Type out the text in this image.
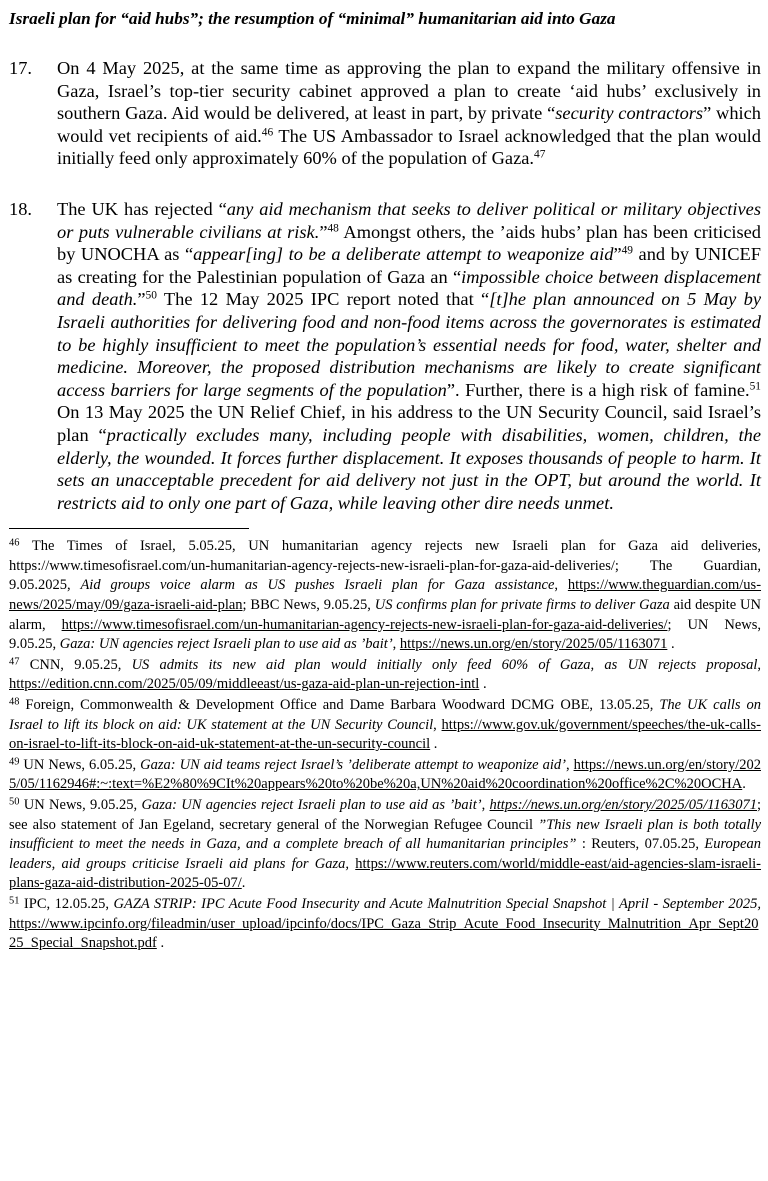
Israeli plan for “aid hubs”; the resumption of “minimal” humanitarian aid into Gaza
17.	On 4 May 2025, at the same time as approving the plan to expand the military offensive in Gaza, Israel’s top-tier security cabinet approved a plan to create ‘aid hubs’ exclusively in southern Gaza. Aid would be delivered, at least in part, by private “security contractors” which would vet recipients of aid.$^{46}$ The US Ambassador to Israel acknowledged that the plan would initially feed only approximately 60% of the population of Gaza.$^{47}$
18.	The UK has rejected “any aid mechanism that seeks to deliver political or military objectives or puts vulnerable civilians at risk.”$^{48}$ Amongst others, the ’aids hubs’ plan has been criticised by UNOCHA as “appear[ing] to be a deliberate attempt to weaponize aid”$^{49}$ and by UNICEF as creating for the Palestinian population of Gaza an “impossible choice between displacement and death.”$^{50}$ The 12 May 2025 IPC report noted that “[t]he plan announced on 5 May by Israeli authorities for delivering food and non-food items across the governorates is estimated to be highly insufficient to meet the population’s essential needs for food, water, shelter and medicine. Moreover, the proposed distribution mechanisms are likely to create significant access barriers for large segments of the population”. Further, there is a high risk of famine.$^{51}$ On 13 May 2025 the UN Relief Chief, in his address to the UN Security Council, said Israel’s plan “practically excludes many, including people with disabilities, women, children, the elderly, the wounded. It forces further displacement. It exposes thousands of people to harm. It sets an unacceptable precedent for aid delivery not just in the OPT, but around the world. It restricts aid to only one part of Gaza, while leaving other dire needs unmet.

$^{46}$ The Times of Israel, 5.05.25, UN humanitarian agency rejects new Israeli plan for Gaza aid deliveries, https://www.timesofisrael.com/un-humanitarian-agency-rejects-new-israeli-plan-for-gaza-aid-deliveries/; The Guardian, 9.05.2025, Aid groups voice alarm as US pushes Israeli plan for Gaza assistance, https://www.theguardian.com/us-news/2025/may/09/gaza-israeli-aid-plan; BBC News, 9.05.25, US confirms plan for private firms to deliver Gaza aid despite UN alarm, https://www.timesofisrael.com/un-humanitarian-agency-rejects-new-israeli-plan-for-gaza-aid-deliveries/; UN News, 9.05.25, Gaza: UN agencies reject Israeli plan to use aid as ’bait’, https://news.un.org/en/story/2025/05/1163071 .

$^{47}$ CNN, 9.05.25, US admits its new aid plan would initially only feed 60% of Gaza, as UN rejects proposal, https://edition.cnn.com/2025/05/09/middleeast/us-gaza-aid-plan-un-rejection-intl .

$^{48}$ Foreign, Commonwealth & Development Office and Dame Barbara Woodward DCMG OBE, 13.05.25, The UK calls on Israel to lift its block on aid: UK statement at the UN Security Council, https://www.gov.uk/government/speeches/the-uk-calls-on-israel-to-lift-its-block-on-aid-uk-statement-at-the-un-security-council .

$^{49}$ UN News, 6.05.25, Gaza: UN aid teams reject Israel’s ’deliberate attempt to weaponize aid’, https://news.un.org/en/story/2025/05/1162946#:~:text=%E2%80%9CIt%20appears%20to%20be%20a,UN%20aid%20coordination%20office%2C%20OCHA.

$^{50}$ UN News, 9.05.25, Gaza: UN agencies reject Israeli plan to use aid as ’bait’, https://news.un.org/en/story/2025/05/1163071; see also statement of Jan Egeland, secretary general of the Norwegian Refugee Council ”This new Israeli plan is both totally insufficient to meet the needs in Gaza, and a complete breach of all humanitarian principles” : Reuters, 07.05.25, European leaders, aid groups criticise Israeli aid plans for Gaza, https://www.reuters.com/world/middle-east/aid-agencies-slam-israeli-plans-gaza-aid-distribution-2025-05-07/.

$^{51}$ IPC, 12.05.25, GAZA STRIP: IPC Acute Food Insecurity and Acute Malnutrition Special Snapshot | April - September 2025,

https://www.ipcinfo.org/fileadmin/user_upload/ipcinfo/docs/IPC_Gaza_Strip_Acute_Food_Insecurity_Malnutrition_Apr_Sept2025_Special_Snapshot.pdf .
